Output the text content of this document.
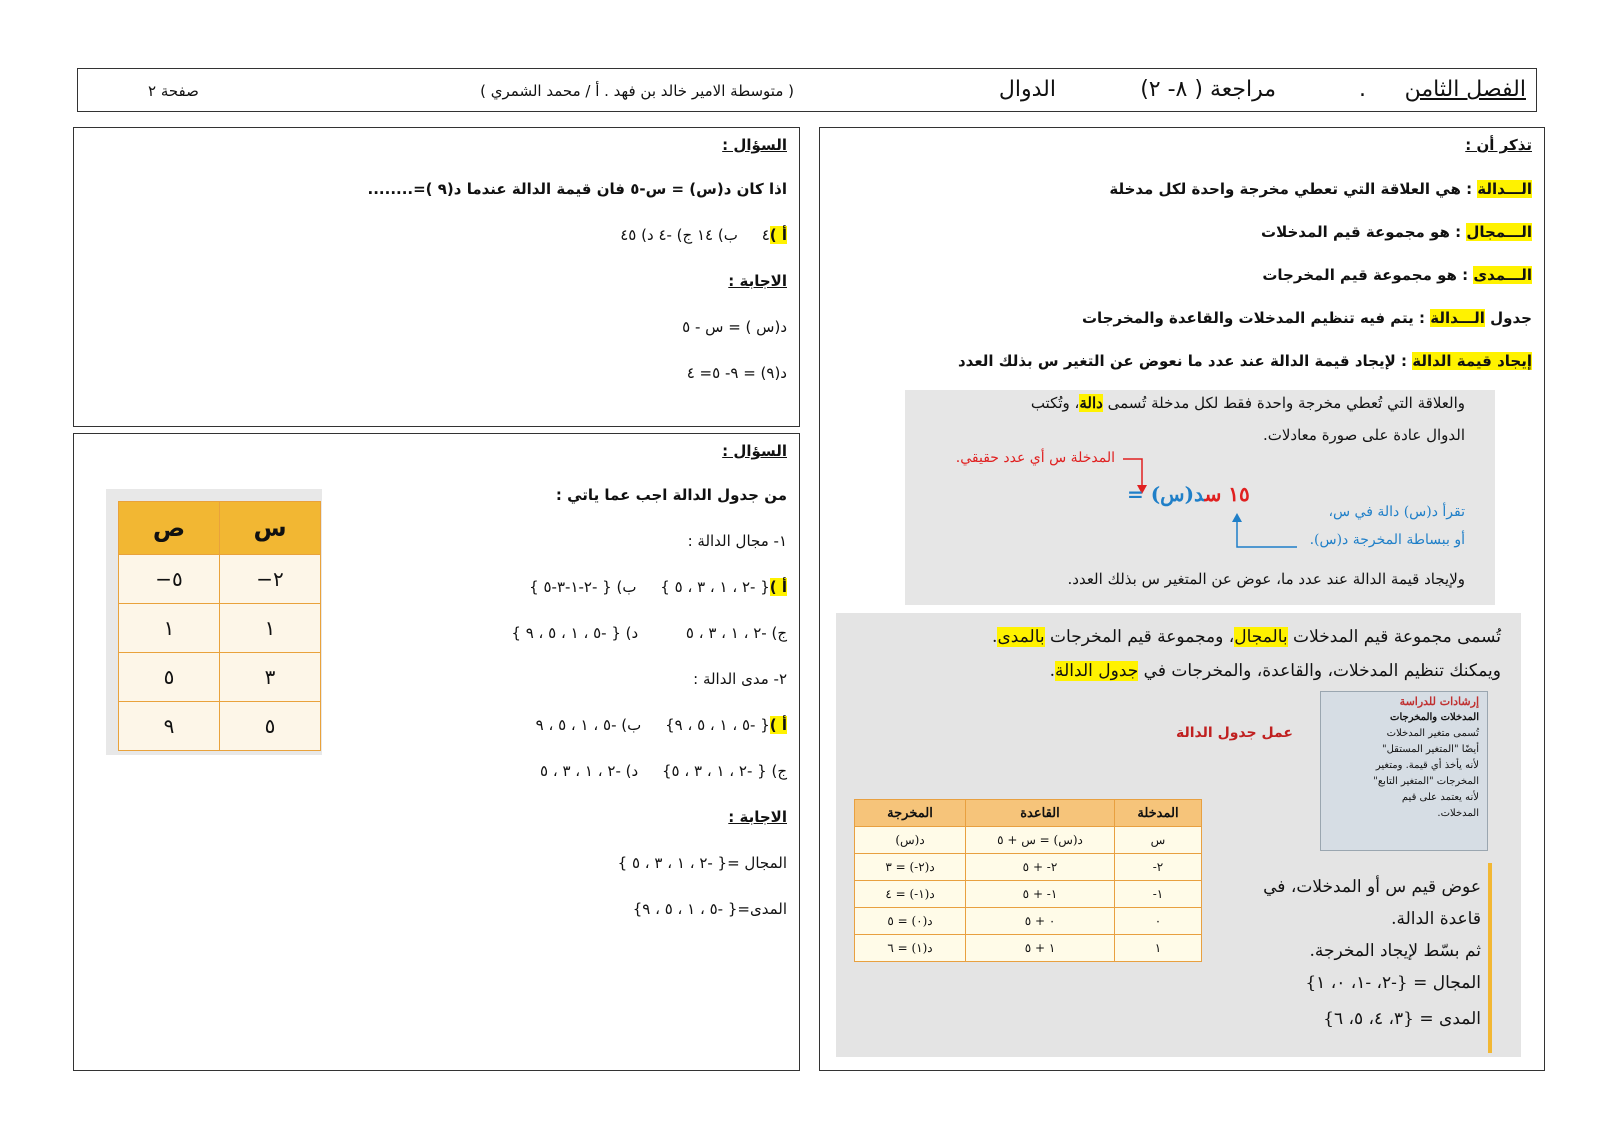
الفصل الثامن
.
مراجعة ( ٨- ٢)
الدوال
( متوسطة الامير خالد بن فهد . أ / محمد الشمري )
صفحة ٢
تذكر أن :
الـــدالة : هي العلاقة التي تعطي مخرجة واحدة لكل مدخلة
الـــمجال : هو مجموعة قيم المدخلات
الـــمدى : هو مجموعة قيم المخرجات
جدول الـــدالة : يتم فيه تنظيم المدخلات والقاعدة والمخرجات
إيجاد قيمة الدالة : لإيجاد قيمة الدالة عند عدد ما نعوض عن التغير س بذلك العدد
والعلاقة التي تُعطي مخرجة واحدة فقط لكل مدخلة تُسمى دالة، وتُكتب
الدوال عادة على صورة معادلات.
المدخلة س أي عدد حقيقي.
١٥ سد(س) =
تقرأ د(س) دالة في س،
أو ببساطة المخرجة د(س).
ولإيجاد قيمة الدالة عند عدد ما، عوض عن المتغير س بذلك العدد.
تُسمى مجموعة قيم المدخلات بالمجال، ومجموعة قيم المخرجات بالمدى.
ويمكنك تنظيم المدخلات، والقاعدة، والمخرجات في جدول الدالة.
إرشادات للدراسة
المدخلات والمخرجات
تُسمى متغير المدخلات
أيضًا "المتغير المستقل"
لأنه يأخذ أي قيمة. ومتغير
المخرجات "المتغير التابع"
لأنه يعتمد على قيم
المدخلات.
عمل جدول الدالة
المدخلة	القاعدة	المخرجة
س	د(س) = س + ٥	د(س)
٢-	٢- + ٥	د(٢-) = ٣
١-	١- + ٥	د(١-) = ٤
٠	٠ + ٥	د(٠) = ٥
١	١ + ٥	د(١) = ٦
عوض قيم س أو المدخلات، في
قاعدة الدالة.
ثم بسّط لإيجاد المخرجة.
المجال = {-٢، -١، ٠، ١}
المدى = {٣، ٤، ٥، ٦}
السؤال :
اذا كان د(س) = س-٥ فان قيمة الدالة عندما د(٩ )=........
أ )٤     ب) ١٤ ج) -٤ د) ٤٥
الاجابة :
د(س ) = س - ٥
د(٩) = ٩- ٥= ٤
السؤال :
من جدول الدالة اجب عما ياتي :
١- مجال الدالة :
أ ){ -٢ ، ١ ، ٣ ، ٥ }     ب) { -٢-١-٣-٥ }
ج) -٢ ، ١ ، ٣ ، ٥          د) { -٥ ، ١ ، ٥ ، ٩ }
٢- مدى الدالة :
أ ){ -٥ ، ١ ، ٥ ، ٩}     ب) -٥ ، ١ ، ٥ ، ٩
ج) { -٢ ، ١ ، ٣ ، ٥}     د) -٢ ، ١ ، ٣ ، ٥
الاجابة :
المجال ={ -٢ ، ١ ، ٣ ، ٥ }
المدى={ -٥ ، ١ ، ٥ ، ٩}
س	ص
٢−	٥−
١	١
٣	٥
٥	٩
